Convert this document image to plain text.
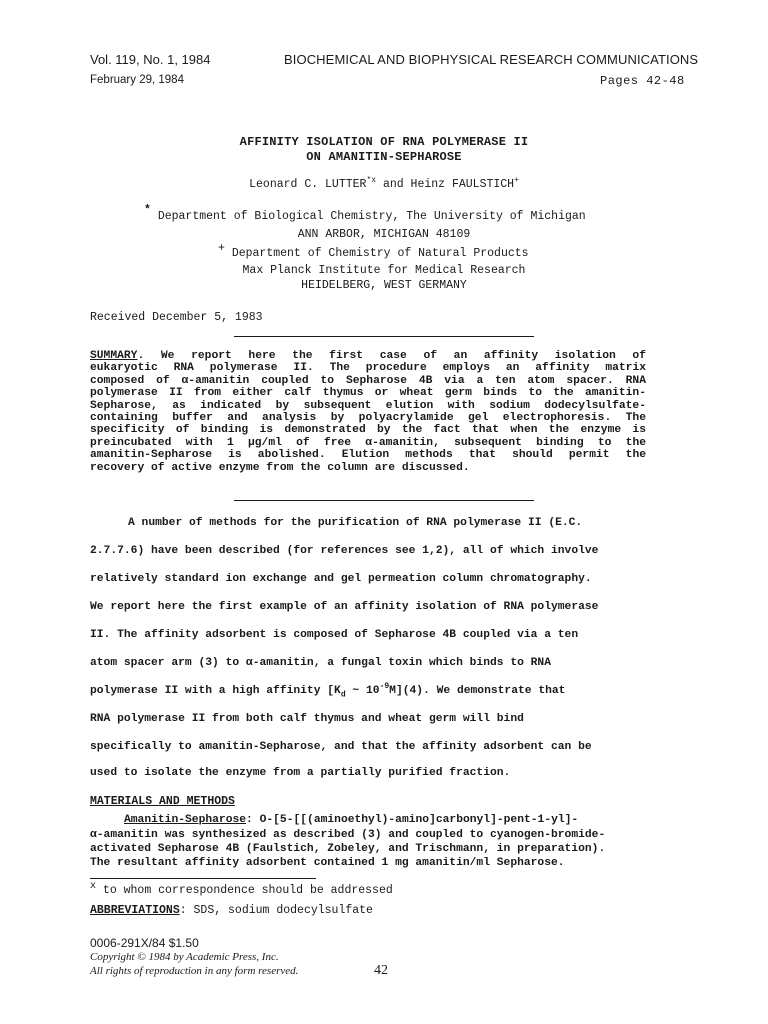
Vol. 119, No. 1, 1984
February 29, 1984
BIOCHEMICAL AND BIOPHYSICAL RESEARCH COMMUNICATIONS
Pages 42-48
AFFINITY ISOLATION OF RNA POLYMERASE II
ON AMANITIN-SEPHAROSE
Leonard C. LUTTER$^{*x}$ and Heinz FAULSTICH+
* Department of Biological Chemistry, The University of Michigan
ANN ARBOR, MICHIGAN 48109
+ Department of Chemistry of Natural Products
Max Planck Institute for Medical Research
HEIDELBERG, WEST GERMANY
Received December 5, 1983
SUMMARY. We report here the first case of an affinity isolation of
eukaryotic RNA polymerase II. The procedure employs an affinity matrix
composed of α-amanitin coupled to Sepharose 4B via a ten atom spacer. RNA
polymerase II from either calf thymus or wheat germ binds to the amanitin-
Sepharose, as indicated by subsequent elution with sodium dodecylsulfate-
containing buffer and analysis by polyacrylamide gel electrophoresis. The
specificity of binding is demonstrated by the fact that when the enzyme is
preincubated with 1 μg/ml of free α-amanitin, subsequent binding to the
amanitin-Sepharose is abolished. Elution methods that should permit the
recovery of active enzyme from the column are discussed.
A number of methods for the purification of RNA polymerase II (E.C.
2.7.7.6) have been described (for references see 1,2), all of which involve
relatively standard ion exchange and gel permeation column chromatography.
We report here the first example of an affinity isolation of RNA polymerase
II. The affinity adsorbent is composed of Sepharose 4B coupled via a ten
atom spacer arm (3) to α-amanitin, a fungal toxin which binds to RNA
polymerase II with a high affinity [$K_d$ ~ $10^{-9}M](4)$. We demonstrate that
RNA polymerase II from both calf thymus and wheat germ will bind
specifically to amanitin-Sepharose, and that the affinity adsorbent can be
used to isolate the enzyme from a partially purified fraction.
MATERIALS AND METHODS
Amanitin-Sepharose: O-[5-[[(aminoethyl)-amino]carbonyl]-pent-1-yl]-
α-amanitin was synthesized as described (3) and coupled to cyanogen-bromide-
activated Sepharose 4B (Faulstich, Zobeley, and Trischmann, in preparation).
The resultant affinity adsorbent contained 1 mg amanitin/ml Sepharose.
x to whom correspondence should be addressed
ABBREVIATIONS: SDS, sodium dodecylsulfate
0006-291X/84 $1.50
Copyright © 1984 by Academic Press, Inc.
All rights of reproduction in any form reserved.	42
